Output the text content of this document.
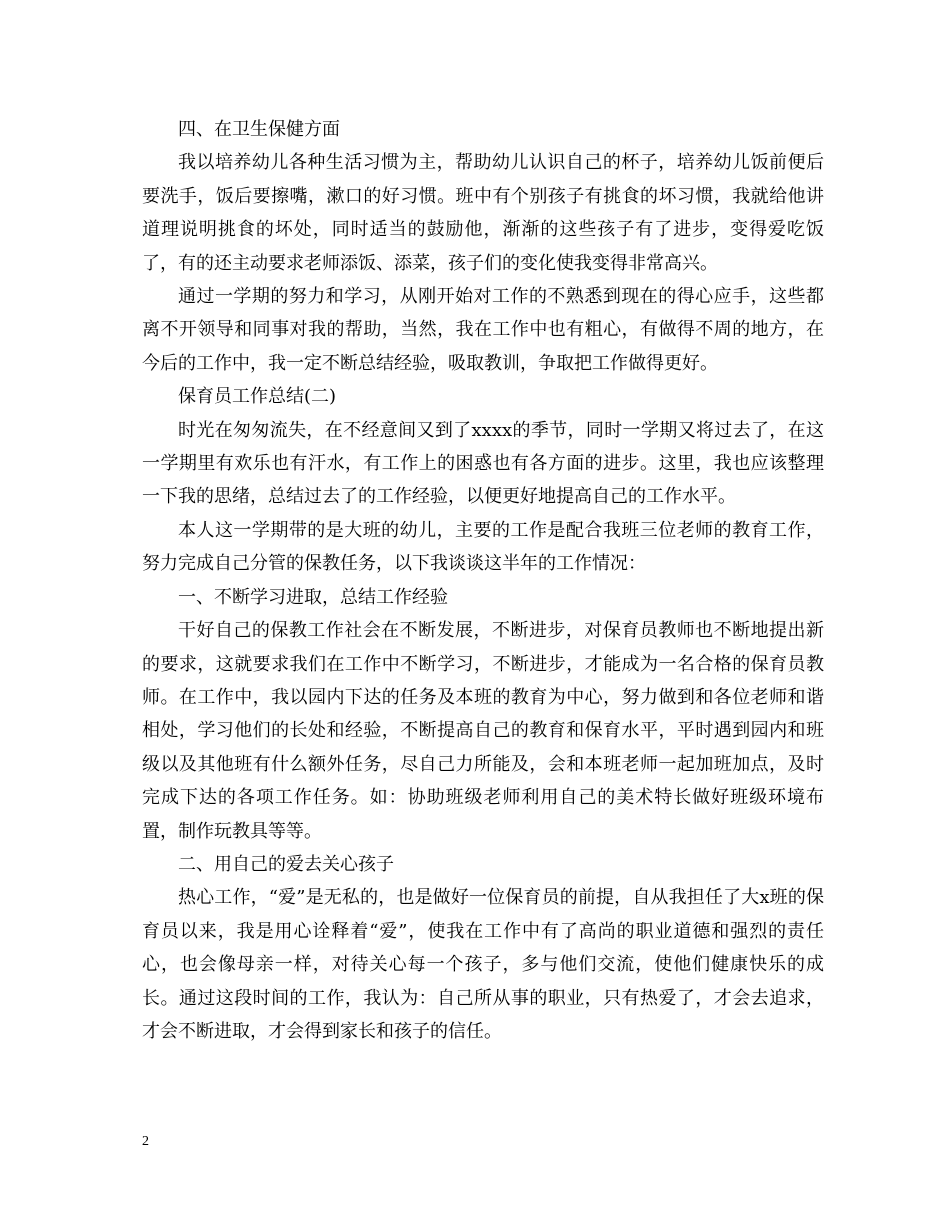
四、在卫生保健方面

我以培养幼儿各种生活习惯为主，帮助幼儿认识自己的杯子，培养幼儿饭前便后要洗手，饭后要擦嘴，漱口的好习惯。班中有个别孩子有挑食的坏习惯，我就给他讲道理说明挑食的坏处，同时适当的鼓励他，渐渐的这些孩子有了进步，变得爱吃饭了，有的还主动要求老师添饭、添菜，孩子们的变化使我变得非常高兴。

通过一学期的努力和学习，从刚开始对工作的不熟悉到现在的得心应手，这些都离不开领导和同事对我的帮助，当然，我在工作中也有粗心，有做得不周的地方，在今后的工作中，我一定不断总结经验，吸取教训，争取把工作做得更好。

保育员工作总结(二)

时光在匆匆流失，在不经意间又到了xxxx的季节，同时一学期又将过去了，在这一学期里有欢乐也有汗水，有工作上的困惑也有各方面的进步。这里，我也应该整理一下我的思绪，总结过去了的工作经验，以便更好地提高自己的工作水平。

本人这一学期带的是大班的幼儿，主要的工作是配合我班三位老师的教育工作，努力完成自己分管的保教任务，以下我谈谈这半年的工作情况：

一、不断学习进取，总结工作经验

干好自己的保教工作社会在不断发展，不断进步，对保育员教师也不断地提出新的要求，这就要求我们在工作中不断学习，不断进步，才能成为一名合格的保育员教师。在工作中，我以园内下达的任务及本班的教育为中心，努力做到和各位老师和谐相处，学习他们的长处和经验，不断提高自己的教育和保育水平，平时遇到园内和班级以及其他班有什么额外任务，尽自己力所能及，会和本班老师一起加班加点，及时完成下达的各项工作任务。如：协助班级老师利用自己的美术特长做好班级环境布置，制作玩教具等等。

二、用自己的爱去关心孩子

热心工作，“爱”是无私的，也是做好一位保育员的前提，自从我担任了大x班的保育员以来，我是用心诠释着“爱”，使我在工作中有了高尚的职业道德和强烈的责任心，也会像母亲一样，对待关心每一个孩子，多与他们交流，使他们健康快乐的成长。通过这段时间的工作，我认为：自己所从事的职业，只有热爱了，才会去追求，才会不断进取，才会得到家长和孩子的信任。

2
